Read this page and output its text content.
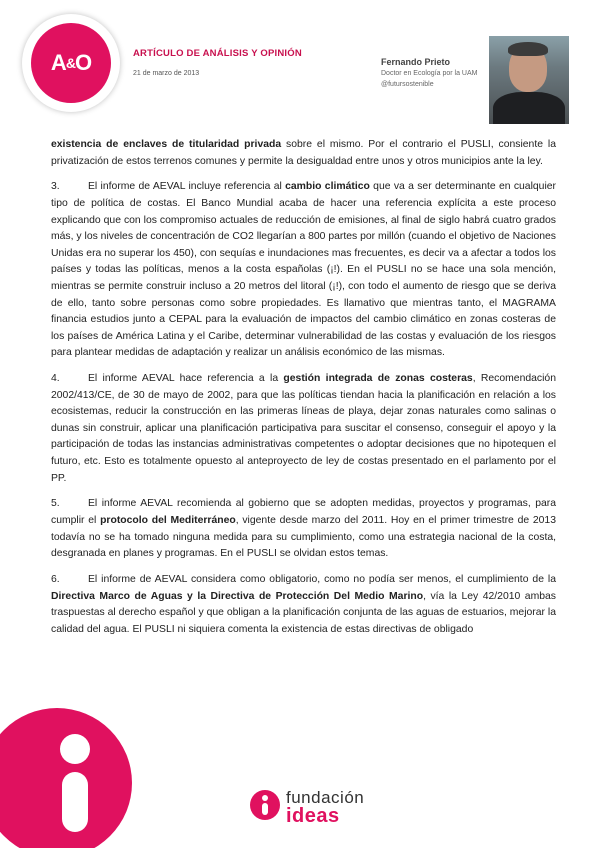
A & O	ARTÍCULO DE ANÁLISIS Y OPINIÓN
21 de marzo de 2013
Fernando Prieto
Doctor en Ecología por la UAM
@futursostenible

existencia de enclaves de titularidad privada sobre el mismo. Por el contrario el PUSLI, consiente la privatización de estos terrenos comunes y permite la desigualdad entre unos y otros municipios ante la ley.

3.	El informe de AEVAL incluye referencia al cambio climático que va a ser determinante en cualquier tipo de política de costas. El Banco Mundial acaba de hacer una referencia explícita a este proceso explicando que con los compromiso actuales de reducción de emisiones, al final de siglo habrá cuatro grados más, y los niveles de concentración de CO2 llegarían a 800 partes por millón (cuando el objetivo de Naciones Unidas era no superar los 450), con sequías e inundaciones mas frecuentes, es decir va a afectar a todos los países y todas las políticas, menos a la costa españolas (¡!). En el PUSLI no se hace una sola mención, mientras se permite construir incluso a 20 metros del litoral (¡!), con todo el aumento de riesgo que se deriva de ello, tanto sobre personas como sobre propiedades. Es llamativo que mientras tanto, el MAGRAMA financia estudios junto a CEPAL para la evaluación de impactos del cambio climático en zonas costeras de los países de América Latina y el Caribe, determinar vulnerabilidad de las costas y evaluación de los riesgos para plantear medidas de adaptación y realizar un análisis económico de las mismas.

4.	El informe AEVAL hace referencia a la gestión integrada de zonas costeras, Recomendación 2002/413/CE, de 30 de mayo de 2002, para que las políticas tiendan hacia la planificación en relación a los ecosistemas, reducir la construcción en las primeras líneas de playa, dejar zonas naturales como salinas o dunas sin construir, aplicar una planificación participativa para suscitar el consenso, conseguir el apoyo y la participación de todas las instancias administrativas competentes o adoptar decisiones que no hipotequen el futuro, etc. Esto es totalmente opuesto al anteproyecto de ley de costas presentado en el parlamento por el PP.

5.	El informe AEVAL recomienda al gobierno que se adopten medidas, proyectos y programas, para cumplir el protocolo del Mediterráneo, vigente desde marzo del 2011. Hoy en el primer trimestre de 2013 todavía no se ha tomado ninguna medida para su cumplimiento, como una estrategia nacional de la costa, desgranada en planes y programas. En el PUSLI se olvidan estos temas.

6.	El informe de AEVAL considera como obligatorio, como no podía ser menos, el cumplimiento de la Directiva Marco de Aguas y la Directiva de Protección Del Medio Marino, vía la Ley 42/2010 ambas traspuestas al derecho español y que obligan a la planificación conjunta de las aguas de estuarios, mejorar la calidad del agua. El PUSLI ni siquiera comenta la existencia de estas directivas de obligado

fundación
ideas
